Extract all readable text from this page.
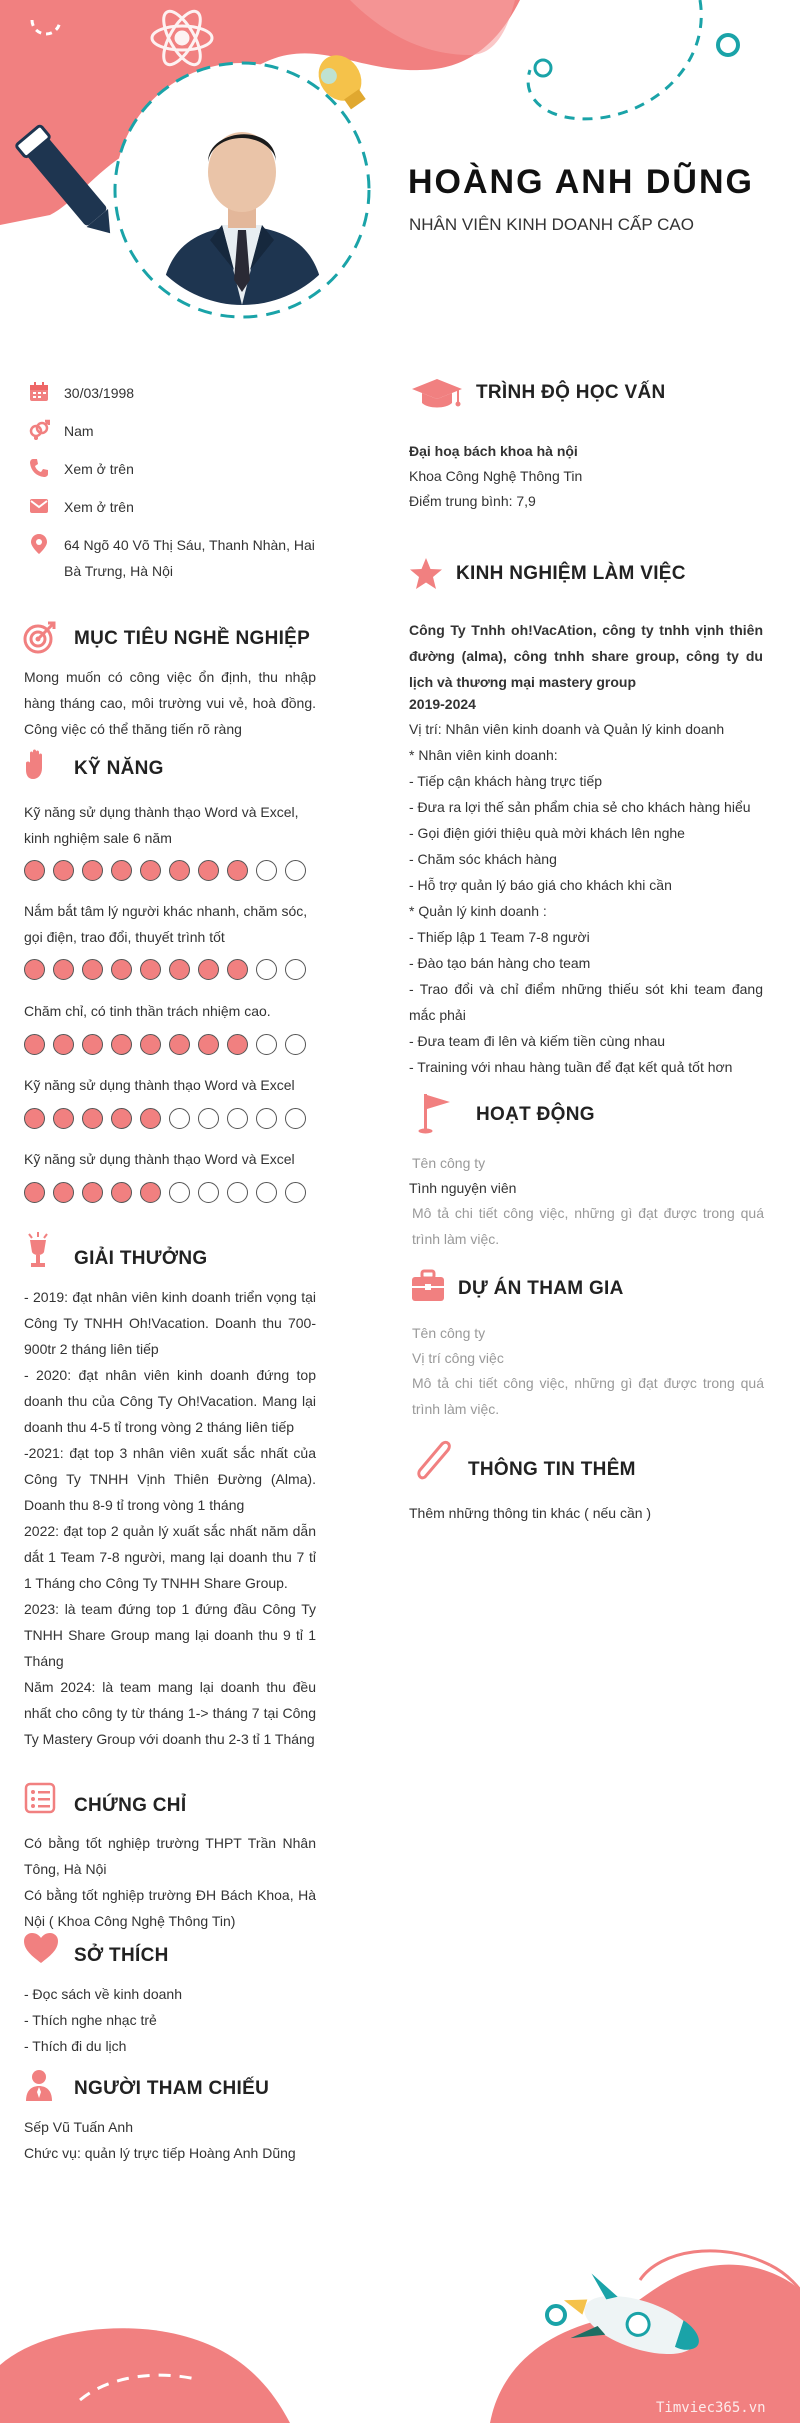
HOÀNG ANH DŨNG
NHÂN VIÊN KINH DOANH CẤP CAO
30/03/1998
Nam
Xem ở trên
Xem ở trên
64 Ngõ 40 Võ Thị Sáu, Thanh Nhàn, Hai Bà Trưng, Hà Nội
MỤC TIÊU NGHỀ NGHIỆP
Mong muốn có công việc ổn định, thu nhập hàng tháng cao, môi trường vui vẻ, hoà đồng. Công việc có thể thăng tiến rõ ràng
KỸ NĂNG
Kỹ năng sử dụng thành thạo Word và Excel, kinh nghiệm sale 6 năm
Nắm bắt tâm lý người khác nhanh, chăm sóc, gọi điện, trao đổi, thuyết trình tốt
Chăm chỉ, có tinh thần trách nhiệm cao.
Kỹ năng sử dụng thành thạo Word và Excel
Kỹ năng sử dụng thành thạo Word và Excel
GIẢI THƯỞNG
- 2019: đạt nhân viên kinh doanh triển vọng tại Công Ty TNHH Oh!Vacation. Doanh thu 700-900tr 2 tháng liên tiếp
- 2020: đạt nhân viên kinh doanh đứng top doanh thu của Công Ty Oh!Vacation. Mang lại doanh thu 4-5 tỉ trong vòng 2 tháng liên tiếp
-2021: đạt top 3 nhân viên xuất sắc nhất của Công Ty TNHH Vịnh Thiên Đường (Alma). Doanh thu 8-9 tỉ trong vòng 1 tháng
2022: đạt top 2 quản lý xuất sắc nhất năm dẫn dắt 1 Team 7-8 người, mang lại doanh thu 7 tỉ 1 Tháng cho Công Ty TNHH Share Group.
2023: là team đứng top 1 đứng đầu Công Ty TNHH Share Group mang lại doanh thu 9 tỉ 1 Tháng
Năm 2024: là team mang lại doanh thu đều nhất cho công ty từ tháng 1-> tháng 7 tại Công Ty Mastery Group với doanh thu 2-3 tỉ 1 Tháng
CHỨNG CHỈ
Có bằng tốt nghiệp trường THPT Trần Nhân Tông, Hà Nội
Có bằng tốt nghiệp trường ĐH Bách Khoa, Hà Nội ( Khoa Công Nghệ Thông Tin)
SỞ THÍCH
- Đọc sách về kinh doanh
- Thích nghe nhạc trẻ
- Thích đi du lịch
NGƯỜI THAM CHIẾU
Sếp Vũ Tuấn Anh
Chức vụ: quản lý trực tiếp Hoàng Anh Dũng
TRÌNH ĐỘ HỌC VẤN
Đại hoạ bách khoa hà nội
Khoa Công Nghệ Thông Tin
Điểm trung bình: 7,9
KINH NGHIỆM LÀM VIỆC
Công Ty Tnhh oh!VacAtion, công ty tnhh vịnh thiên đường (alma), công tnhh share group, công ty du lịch và thương mại mastery group
2019-2024
Vị trí: Nhân viên kinh doanh và Quản lý kinh doanh
* Nhân viên kinh doanh:
- Tiếp cận khách hàng trực tiếp
- Đưa ra lợi thế sản phẩm chia sẻ cho khách hàng hiểu
- Gọi điện giới thiệu quà mời khách lên nghe
- Chăm sóc khách hàng
- Hỗ trợ quản lý báo giá cho khách khi cần
* Quản lý kinh doanh :
- Thiếp lập 1 Team 7-8 người
- Đào tạo bán hàng cho team
- Trao đổi và chỉ điểm những thiếu sót khi team đang mắc phải
- Đưa team đi lên và kiếm tiền cùng nhau
- Training với nhau hàng tuần để đạt kết quả tốt hơn
HOẠT ĐỘNG
Tên công ty
Tình nguyện viên
Mô tả chi tiết công việc, những gì đạt được trong quá trình làm việc.
DỰ ÁN THAM GIA
Tên công ty
Vị trí công việc
Mô tả chi tiết công việc, những gì đạt được trong quá trình làm việc.
THÔNG TIN THÊM
Thêm những thông tin khác ( nếu cần )
Timviec365.vn
